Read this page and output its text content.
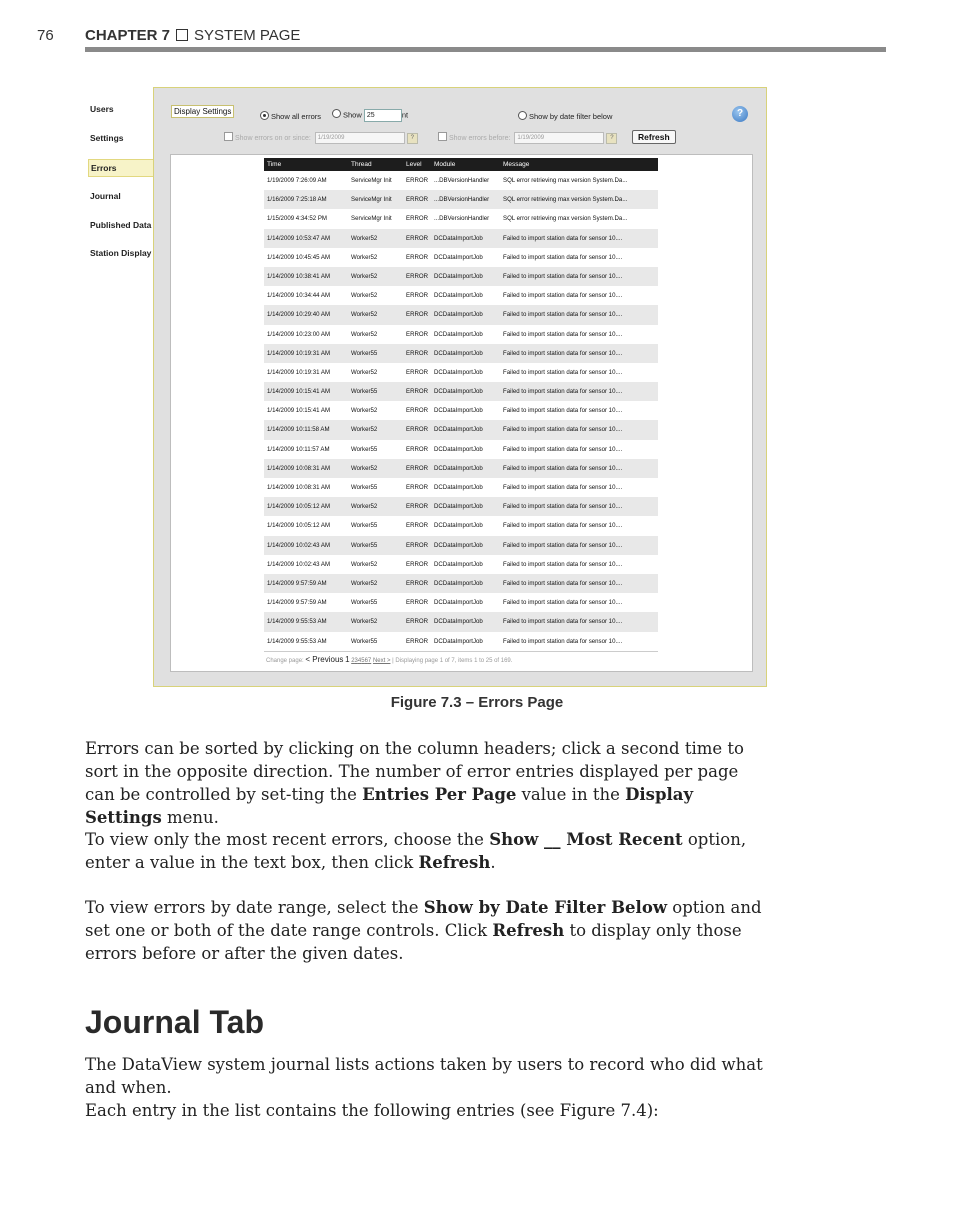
76 CHAPTER 7 SYSTEM PAGE
Users
Settings
Errors
Journal
Published Data
Station Display
Display Settings
Show all errors	Show 25	nt	Show by date filter below	?
Show errors on or since: 1/19/2009	?	Show errors before: 1/19/2009	?	Refresh
Time	Thread	Level	Module	Message
1/19/2009 7:26:09 AM	ServiceMgr Init	ERROR ...DBVersionHandler	SQL error retrieving max version System.Da...
1/16/2009 7:25:18 AM	ServiceMgr Init	ERROR ...DBVersionHandler	SQL error retrieving max version System.Da...
1/15/2009 4:34:52 PM	ServiceMgr Init	ERROR ...DBVersionHandler	SQL error retrieving max version System.Da...
1/14/2009 10:53:47 AM	Worker52	ERROR DCDataImportJob	Failed to import station data for sensor 10....
1/14/2009 10:45:45 AM	Worker52	ERROR DCDataImportJob	Failed to import station data for sensor 10....
1/14/2009 10:38:41 AM	Worker52	ERROR DCDataImportJob	Failed to import station data for sensor 10....
1/14/2009 10:34:44 AM	Worker52	ERROR DCDataImportJob	Failed to import station data for sensor 10....
1/14/2009 10:29:40 AM	Worker52	ERROR DCDataImportJob	Failed to import station data for sensor 10....
1/14/2009 10:23:00 AM	Worker52	ERROR DCDataImportJob	Failed to import station data for sensor 10....
1/14/2009 10:19:31 AM	Worker55	ERROR DCDataImportJob	Failed to import station data for sensor 10....
1/14/2009 10:19:31 AM	Worker52	ERROR DCDataImportJob	Failed to import station data for sensor 10....
1/14/2009 10:15:41 AM	Worker55	ERROR DCDataImportJob	Failed to import station data for sensor 10....
1/14/2009 10:15:41 AM	Worker52	ERROR DCDataImportJob	Failed to import station data for sensor 10....
1/14/2009 10:11:58 AM	Worker52	ERROR DCDataImportJob	Failed to import station data for sensor 10....
1/14/2009 10:11:57 AM	Worker55	ERROR DCDataImportJob	Failed to import station data for sensor 10....
1/14/2009 10:08:31 AM	Worker52	ERROR DCDataImportJob	Failed to import station data for sensor 10....
1/14/2009 10:08:31 AM	Worker55	ERROR DCDataImportJob	Failed to import station data for sensor 10....
1/14/2009 10:05:12 AM	Worker52	ERROR DCDataImportJob	Failed to import station data for sensor 10....
1/14/2009 10:05:12 AM	Worker55	ERROR DCDataImportJob	Failed to import station data for sensor 10....
1/14/2009 10:02:43 AM	Worker55	ERROR DCDataImportJob	Failed to import station data for sensor 10....
1/14/2009 10:02:43 AM	Worker52	ERROR DCDataImportJob	Failed to import station data for sensor 10....
1/14/2009 9:57:59 AM	Worker52	ERROR DCDataImportJob	Failed to import station data for sensor 10....
1/14/2009 9:57:59 AM	Worker55	ERROR DCDataImportJob	Failed to import station data for sensor 10....
1/14/2009 9:55:53 AM	Worker52	ERROR DCDataImportJob	Failed to import station data for sensor 10....
1/14/2009 9:55:53 AM	Worker55	ERROR DCDataImportJob	Failed to import station data for sensor 10....
Change page: < Previous 1 234567 Next > | Displaying page 1 of 7, items 1 to 25 of 169.
Figure 7.3 – Errors Page
Errors can be sorted by clicking on the column headers; click a second time to sort in the opposite direction. The number of error entries displayed per page can be controlled by set-ting the Entries Per Page value in the Display Settings menu.
To view only the most recent errors, choose the Show __ Most Recent option, enter a value in the text box, then click Refresh.
To view errors by date range, select the Show by Date Filter Below option and set one or both of the date range controls. Click Refresh to display only those errors before or after the given dates.
Journal Tab
The DataView system journal lists actions taken by users to record who did what and when.
Each entry in the list contains the following entries (see Figure 7.4):
